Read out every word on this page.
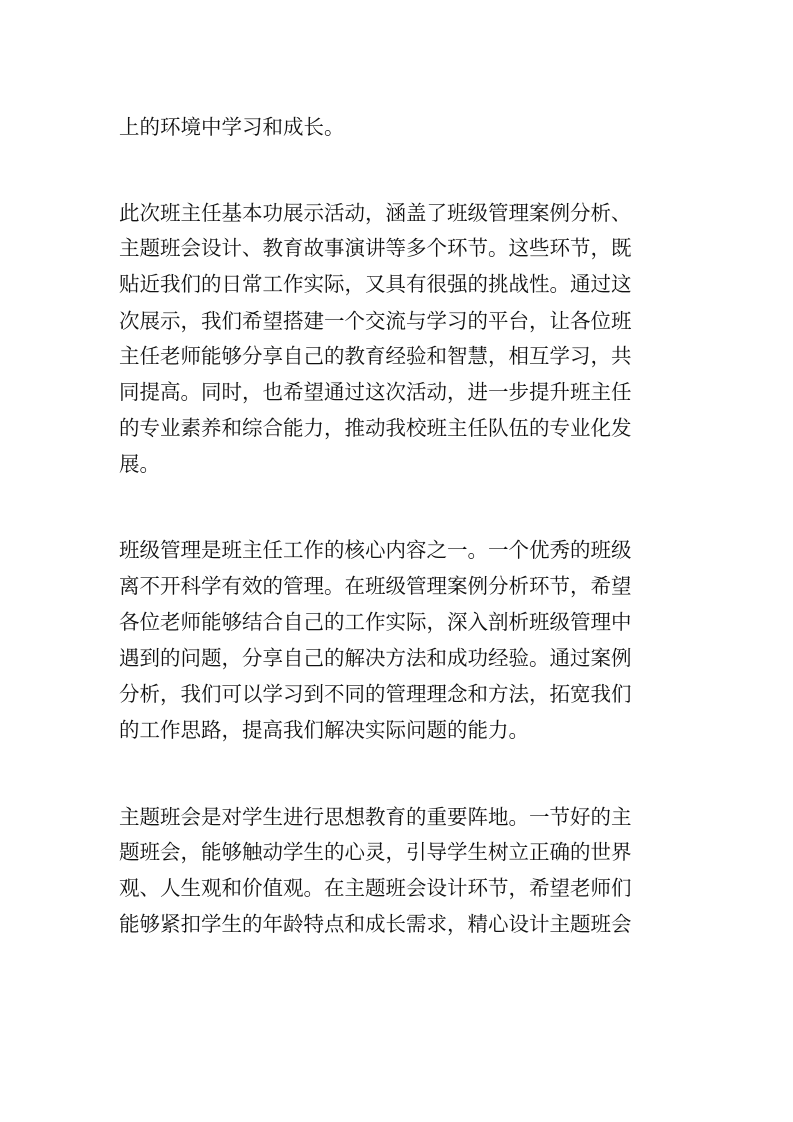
上的环境中学习和成长。
此次班主任基本功展示活动，涵盖了班级管理案例分析、
主题班会设计、教育故事演讲等多个环节。这些环节，既
贴近我们的日常工作实际，又具有很强的挑战性。通过这
次展示，我们希望搭建一个交流与学习的平台，让各位班
主任老师能够分享自己的教育经验和智慧，相互学习，共
同提高。同时，也希望通过这次活动，进一步提升班主任
的专业素养和综合能力，推动我校班主任队伍的专业化发
展。
班级管理是班主任工作的核心内容之一。一个优秀的班级
离不开科学有效的管理。在班级管理案例分析环节，希望
各位老师能够结合自己的工作实际，深入剖析班级管理中
遇到的问题，分享自己的解决方法和成功经验。通过案例
分析，我们可以学习到不同的管理理念和方法，拓宽我们
的工作思路，提高我们解决实际问题的能力。
主题班会是对学生进行思想教育的重要阵地。一节好的主
题班会，能够触动学生的心灵，引导学生树立正确的世界
观、人生观和价值观。在主题班会设计环节，希望老师们
能够紧扣学生的年龄特点和成长需求，精心设计主题班会
